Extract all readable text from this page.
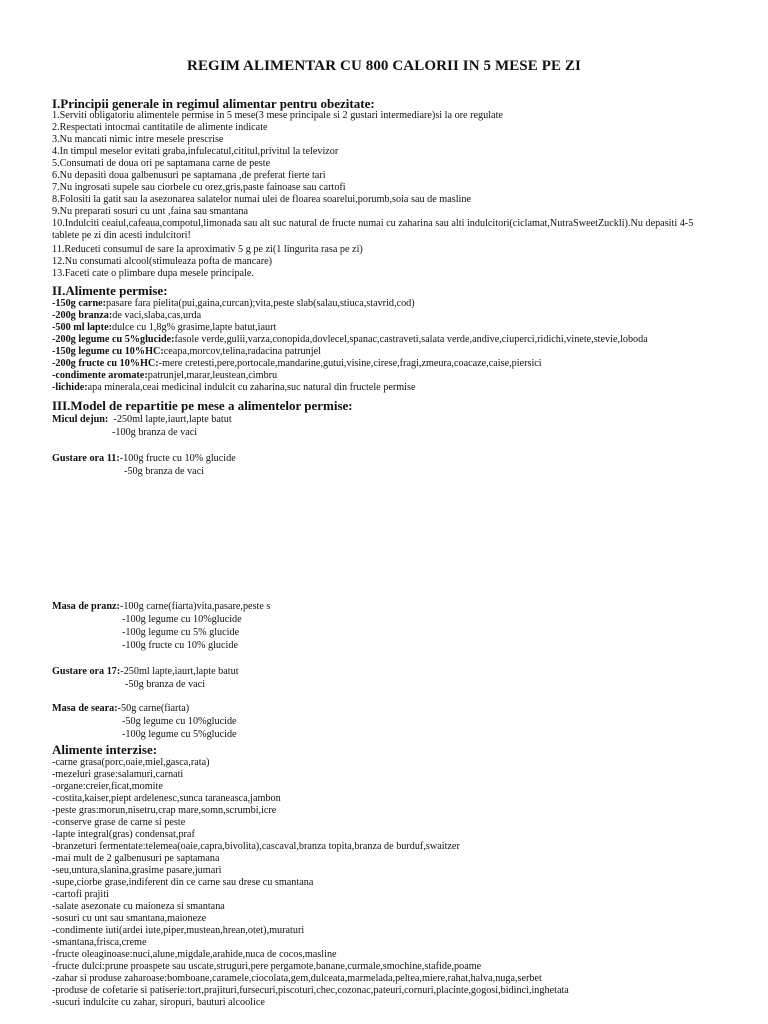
REGIM ALIMENTAR CU 800 CALORII IN 5 MESE PE ZI
I.Principii generale in regimul alimentar pentru obezitate:
1.Serviti obligatoriu alimentele permise in 5 mese(3 mese principale si 2 gustari intermediare)si la ore regulate
2.Respectati intocmai cantitatile de alimente indicate
3.Nu mancati nimic intre mesele prescrise
4.In timpul meselor evitati graba,infulecatul,cititul,privitul la televizor
5.Consumati de doua ori pe saptamana carne de peste
6.Nu depasiti doua galbenusuri pe saptamana ,de preferat fierte tari
7.Nu ingrosati supele sau ciorbele cu orez,gris,paste fainoase sau cartofi
8.Folositi la gatit sau la asezonarea salatelor numai ulei de floarea soarelui,porumb,soia sau de masline
9.Nu preparati sosuri cu unt ,faina sau smantana
10.Indulciti ceaiul,cafeaua,compotul,limonada sau alt suc natural de fructe numai cu zaharina sau alti indulcitori(ciclamat,NutraSweetZuckli).Nu depasiti 4-5 tablete pe zi din acesti indulcitori!
11.Reduceti consumul de sare la aproximativ 5 g pe zi(1 lingurita rasa pe zi)
12.Nu consumati alcool(stimuleaza pofta de mancare)
13.Faceti cate o plimbare dupa mesele principale.
II.Alimente permise:
-150g carne:pasare fara pielita(pui,gaina,curcan);vita,peste slab(salau,stiuca,stavrid,cod)
-200g branza:de vaci,slaba,cas,urda
-500 ml lapte:dulce cu 1,8g% grasime,lapte batut,iaurt
-200g legume cu 5%glucide:fasole verde,gulii,varza,conopida,dovlecel,spanac,castraveti,salata verde,andive,ciuperci,ridichi,vinete,stevie,loboda
-150g legume cu 10%HC:ceapa,morcov,telina,radacina patrunjel
-200g fructe cu 10%HC:-mere cretesti,pere,portocale,mandarine,gutui,visine,cirese,fragi,zmeura,coacaze,caise,piersici
-condimente aromate:patrunjel,marar,leustean,cimbru
-lichide:apa minerala,ceai medicinal indulcit cu zaharina,suc natural din fructele permise
III.Model de repartitie pe mese a alimentelor permise:
Micul dejun: -250ml lapte,iaurt,lapte batut
-100g branza de vaci
Gustare ora 11:-100g fructe cu 10% glucide
-50g branza de vaci
Masa de pranz:-100g carne(fiarta)vita,pasare,peste s
-100g legume cu 10%glucide
-100g legume cu 5% glucide
-100g fructe cu 10% glucide
Gustare ora 17:-250ml lapte,iaurt,lapte batut
-50g branza de vaci
Masa de seara:-50g carne(fiarta)
-50g legume cu 10%glucide
-100g legume cu 5%glucide
Alimente interzise:
-carne grasa(porc,oaie,miel,gasca,rata)
-mezeluri grase:salamuri,carnati
-organe:creier,ficat,momite
-costita,kaiser,piept ardelenesc,sunca taraneasca,jambon
-peste gras:morun,nisetru,crap mare,somn,scrumbi,icre
-conserve grase de carne si peste
-lapte integral(gras) condensat,praf
-branzeturi fermentate:telemea(oaie,capra,bivolita),cascaval,branza topita,branza de burduf,swaitzer
-mai mult de 2 galbenusuri pe saptamana
-seu,untura,slanina,grasime pasare,jumari
-supe,ciorbe grase,indiferent din ce carne sau drese cu smantana
-cartofi prajiti
-salate asezonate cu maioneza si smantana
-sosuri cu unt sau smantana,maioneze
-condimente iuti(ardei iute,piper,mustean,hrean,otet),muraturi
-smantana,frisca,creme
-fructe oleaginoase:nuci,alune,migdale,arahide,nuca de cocos,masline
-fructe dulci:prune proaspete sau uscate,struguri,pere pergamote,banane,curmale,smochine,stafide,poame
-zahar si produse zaharoase:bomboane,caramele,ciocolata,gem,dulceata,marmelada,peltea,miere,rahat,halva,nuga,serbet
-produse de cofetarie si patiserie:tort,prajituri,fursecuri,piscoturi,chec,cozonac,pateuri,cornuri,placinte,gogosi,bidinci,inghetata
-sucuri indulcite cu zahar, siropuri, bauturi alcoolice
